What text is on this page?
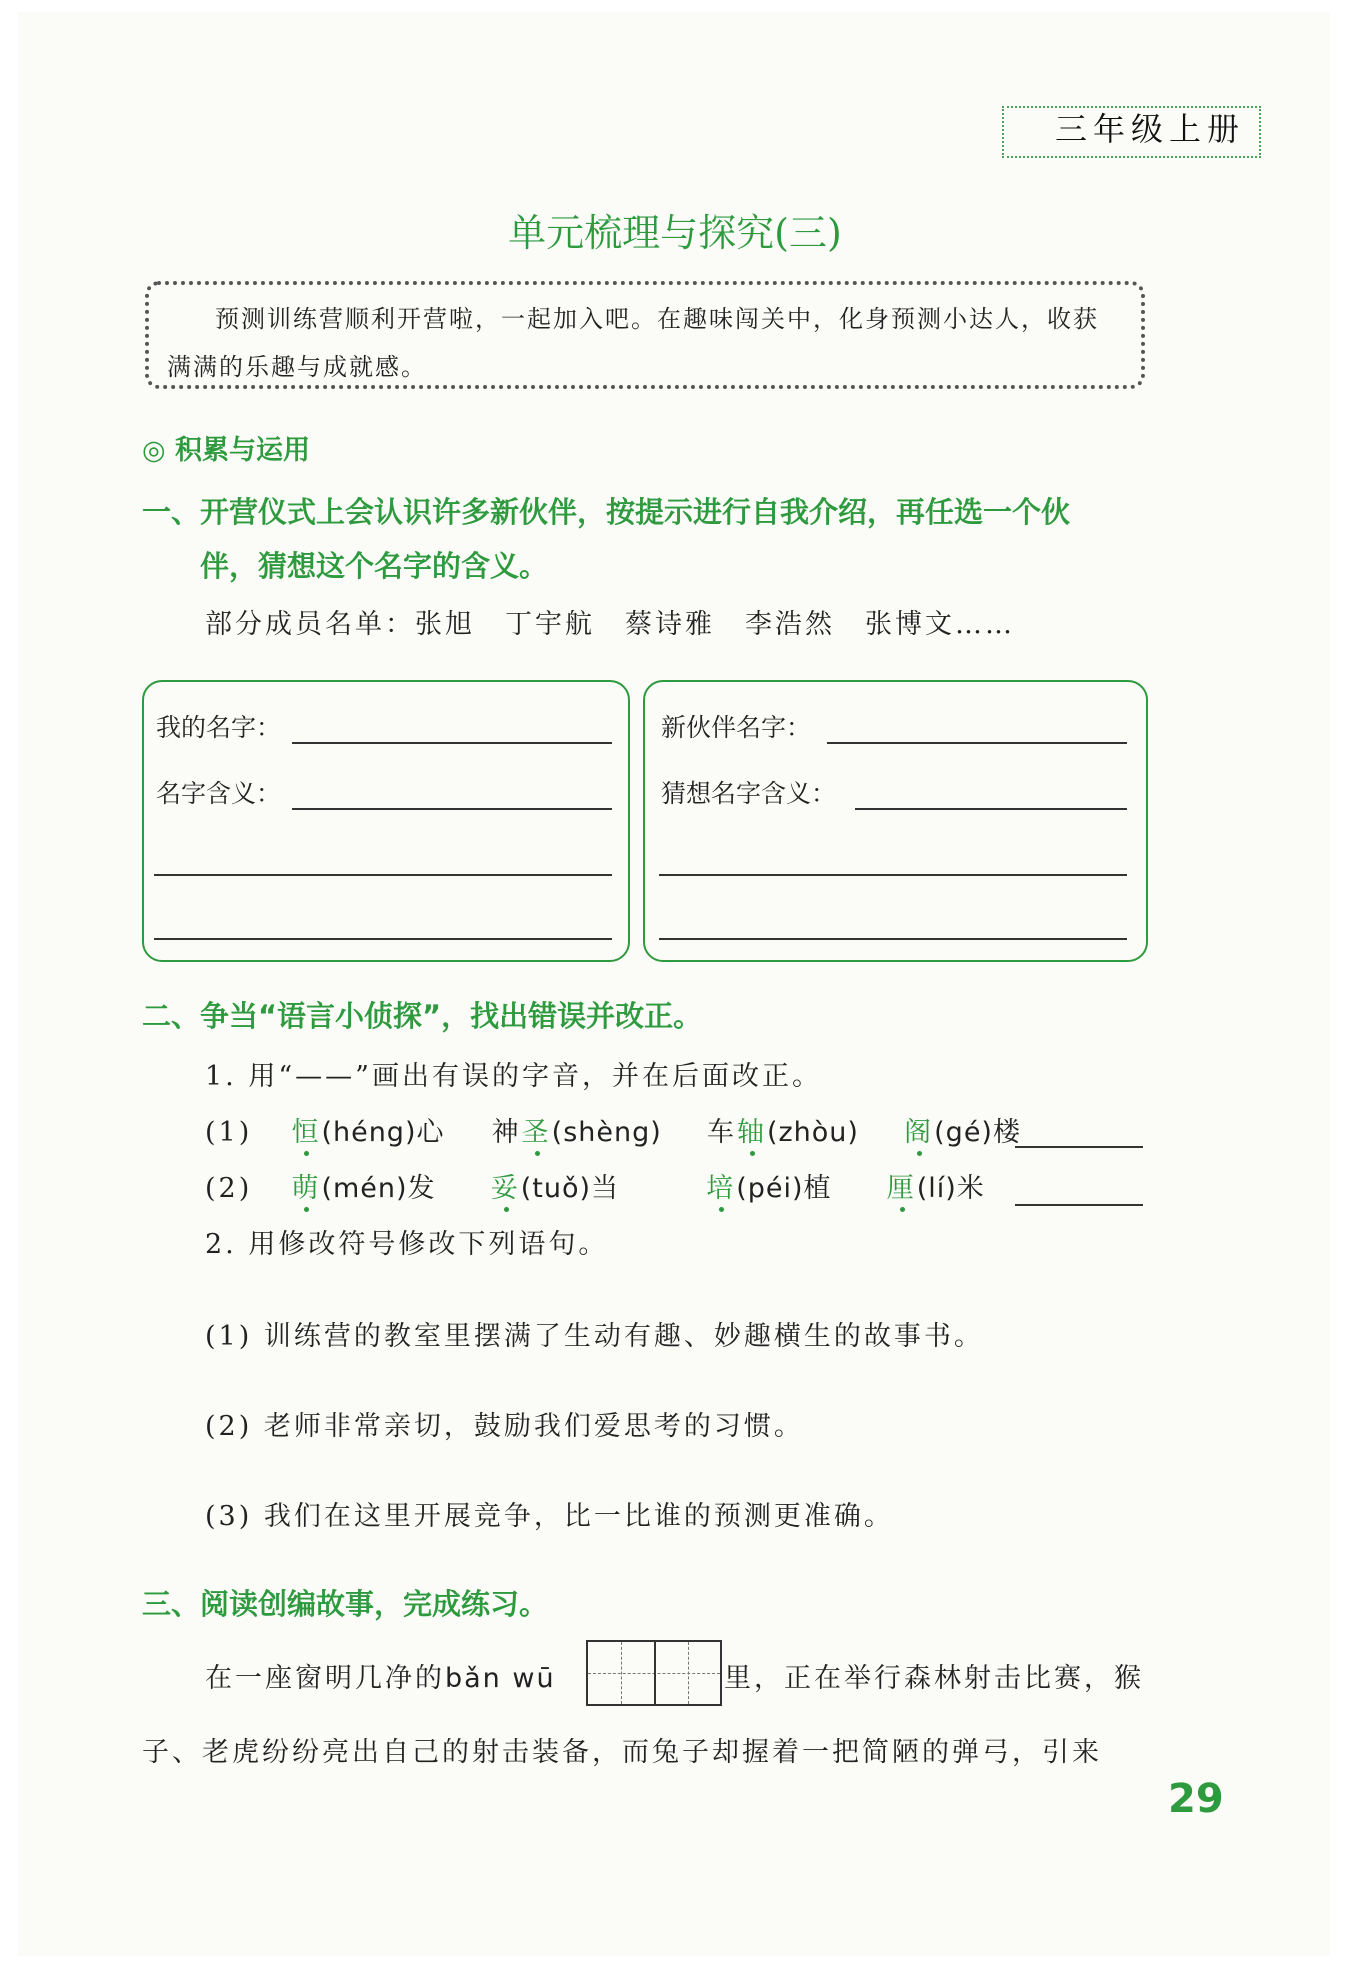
三年级上册
单元梳理与探究(三)
预测训练营顺利开营啦，一起加入吧。在趣味闯关中，化身预测小达人，收获满满的乐趣与成就感。
◎ 积累与运用
一、开营仪式上会认识许多新伙伴，按提示进行自我介绍，再任选一个伙
伴，猜想这个名字的含义。
部分成员名单：张旭　丁宇航　蔡诗雅　李浩然　张博文……
我的名字：
名字含义：
新伙伴名字：
猜想名字含义：
二、争当“语言小侦探”，找出错误并改正。
1. 用“——”画出有误的字音，并在后面改正。
(1) 恒(héng)心 神圣(shèng) 车轴(zhòu) 阁(gé)楼
(2) 萌(mén)发 妥(tuǒ)当	培(péi)植 厘(lí)米
2. 用修改符号修改下列语句。
(1) 训练营的教室里摆满了生动有趣、妙趣横生的故事书。
(2) 老师非常亲切，鼓励我们爱思考的习惯。
(3) 我们在这里开展竞争，比一比谁的预测更准确。
三、阅读创编故事，完成练习。
在一座窗明几净的bǎn wū	里，正在举行森林射击比赛，猴
子、老虎纷纷亮出自己的射击装备，而兔子却握着一把简陋的弹弓，引来
29
